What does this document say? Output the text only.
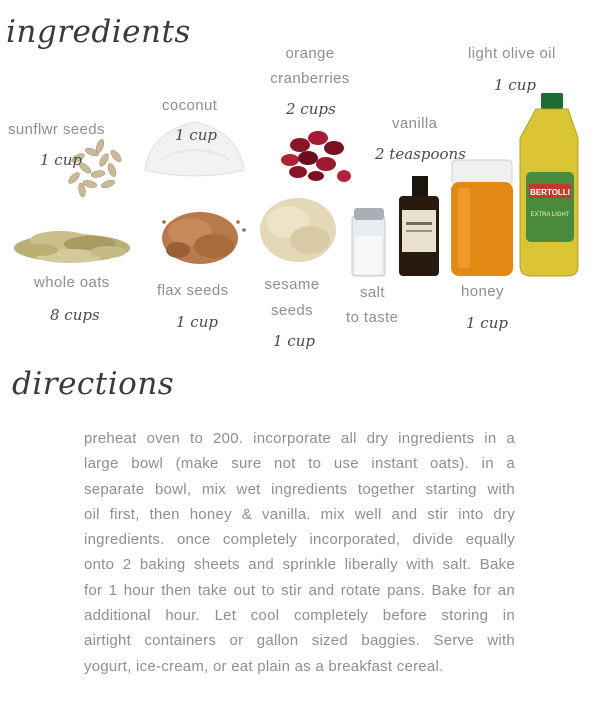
ingredients
directions
BERTOLLI
EXTRA LIGHT
sunflwr seeds
1 cup
whole oats
8 cups
coconut
1 cup
flax seeds
1 cup
orange
cranberries
2 cups
sesame
seeds
1 cup
vanilla
2 teaspoons
salt
to taste
light olive oil
1 cup
honey
1 cup
preheat oven to 200. incorporate all dry ingredients in a
large bowl (make sure not to use instant oats). in a
separate bowl, mix wet ingredients together starting with
oil first, then honey & vanilla. mix well and stir into dry
ingredients. once completely incorporated, divide equally
onto 2 baking sheets and sprinkle liberally with salt. Bake
for 1 hour then take out to stir and rotate pans. Bake for an
additional hour. Let cool completely before storing in
airtight containers or gallon sized baggies. Serve with
yogurt, ice-cream, or eat plain as a breakfast cereal.
